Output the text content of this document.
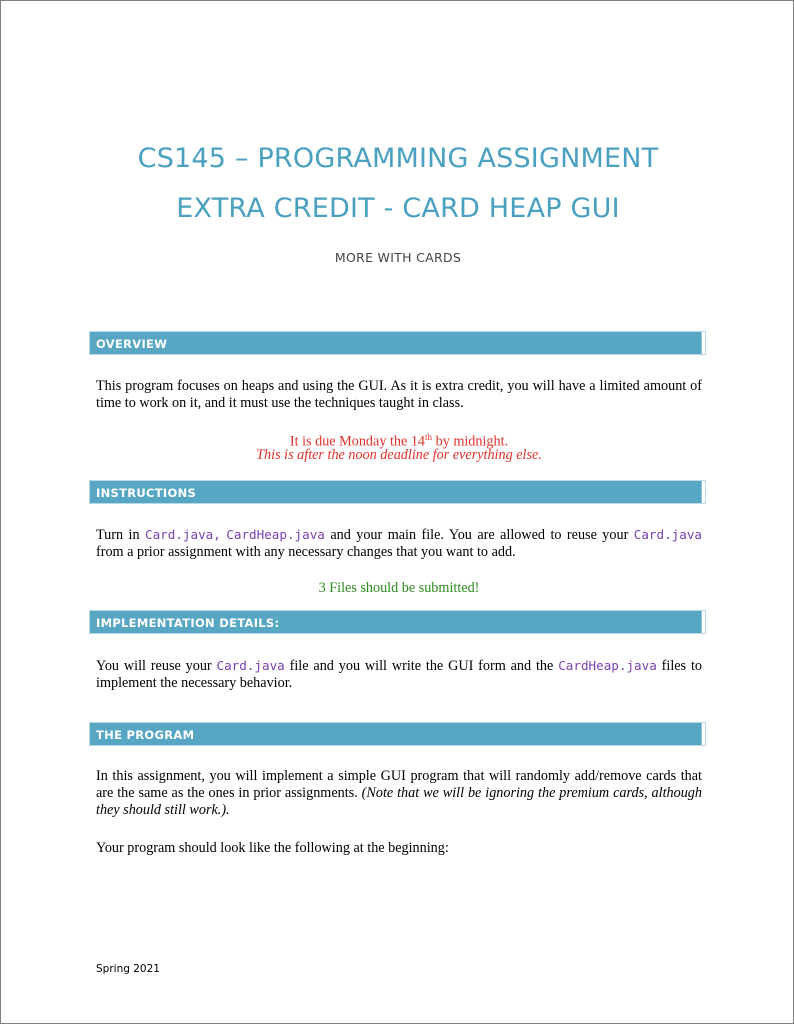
CS145 – PROGRAMMING ASSIGNMENT
EXTRA CREDIT - CARD HEAP GUI
MORE WITH CARDS
OVERVIEW
This program focuses on heaps and using the GUI. As it is extra credit, you will have a limited amount of time to work on it, and it must use the techniques taught in class.
It is due Monday the 14th by midnight.
This is after the noon deadline for everything else.
INSTRUCTIONS
Turn in Card.java, CardHeap.java and your main file. You are allowed to reuse your Card.java from a prior assignment with any necessary changes that you want to add.
3 Files should be submitted!
IMPLEMENTATION DETAILS:
You will reuse your Card.java file and you will write the GUI form and the CardHeap.java files to implement the necessary behavior.
THE PROGRAM
In this assignment, you will implement a simple GUI program that will randomly add/remove cards that are the same as the ones in prior assignments. (Note that we will be ignoring the premium cards, although they should still work.).
Your program should look like the following at the beginning:
Spring 2021
